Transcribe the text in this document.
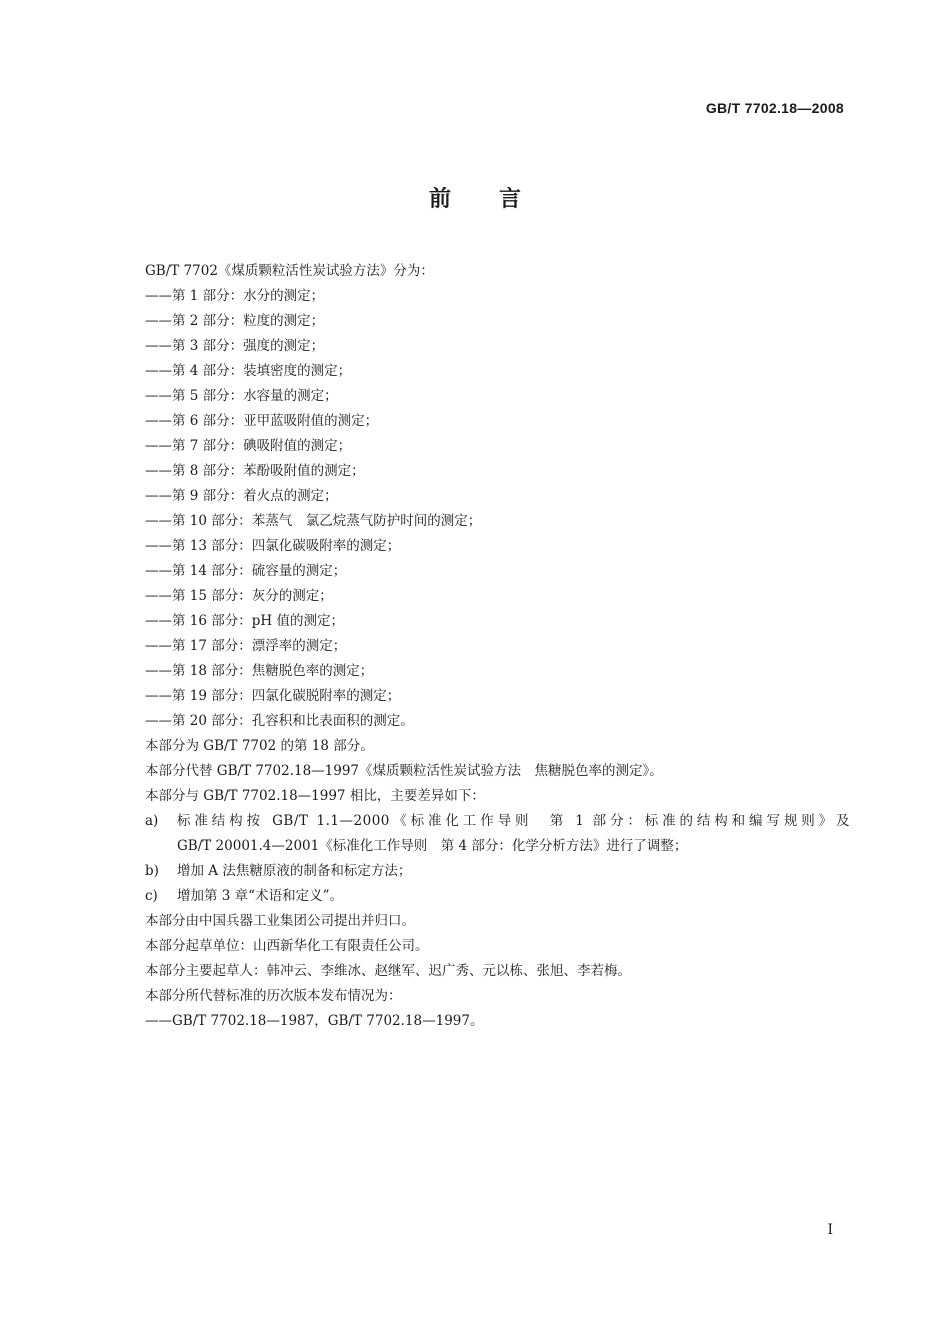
GB/T 7702.18—2008
前言
GB/T 7702《煤质颗粒活性炭试验方法》分为：
——第 1 部分：水分的测定；
——第 2 部分：粒度的测定；
——第 3 部分：强度的测定；
——第 4 部分：装填密度的测定；
——第 5 部分：水容量的测定；
——第 6 部分：亚甲蓝吸附值的测定；
——第 7 部分：碘吸附值的测定；
——第 8 部分：苯酚吸附值的测定；
——第 9 部分：着火点的测定；
——第 10 部分：苯蒸气　氯乙烷蒸气防护时间的测定；
——第 13 部分：四氯化碳吸附率的测定；
——第 14 部分：硫容量的测定；
——第 15 部分：灰分的测定；
——第 16 部分：pH 值的测定；
——第 17 部分：漂浮率的测定；
——第 18 部分：焦糖脱色率的测定；
——第 19 部分：四氯化碳脱附率的测定；
——第 20 部分：孔容积和比表面积的测定。
本部分为 GB/T 7702 的第 18 部分。
本部分代替 GB/T 7702.18—1997《煤质颗粒活性炭试验方法　焦糖脱色率的测定》。
本部分与 GB/T 7702.18—1997 相比，主要差异如下：
a)	标准结构按 GB/T 1.1—2000《标准化工作导则　第 1 部分：标准的结构和编写规则》及
GB/T 20001.4—2001《标准化工作导则　第 4 部分：化学分析方法》进行了调整；
b)	增加 A 法焦糖原液的制备和标定方法；
c)	增加第 3 章“术语和定义”。
本部分由中国兵器工业集团公司提出并归口。
本部分起草单位：山西新华化工有限责任公司。
本部分主要起草人：韩冲云、李维冰、赵继军、迟广秀、元以栋、张旭、李若梅。
本部分所代替标准的历次版本发布情况为：
——GB/T 7702.18—1987，GB/T 7702.18—1997。
I
